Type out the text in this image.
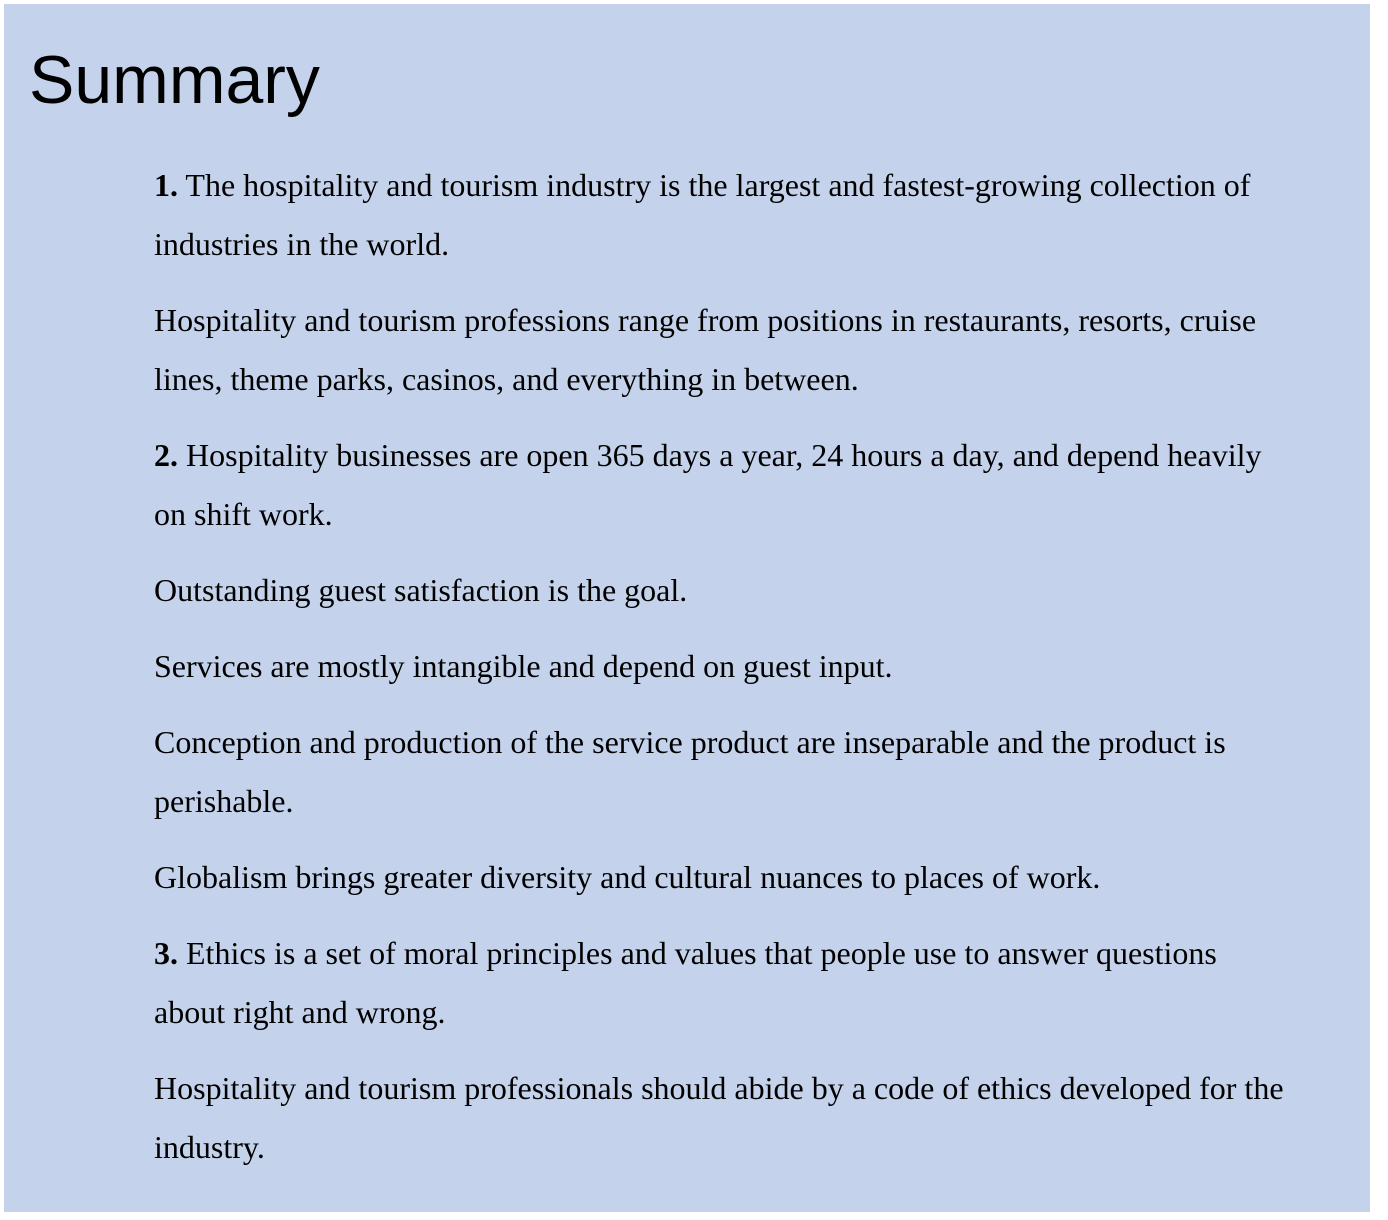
Summary

1. The hospitality and tourism industry is the largest and fastest-growing collection of industries in the world.

Hospitality and tourism professions range from positions in restaurants, resorts, cruise lines, theme parks, casinos, and everything in between.

2. Hospitality businesses are open 365 days a year, 24 hours a day, and depend heavily on shift work.

Outstanding guest satisfaction is the goal.

Services are mostly intangible and depend on guest input.

Conception and production of the service product are inseparable and the product is perishable.

Globalism brings greater diversity and cultural nuances to places of work.

3. Ethics is a set of moral principles and values that people use to answer questions about right and wrong.

Hospitality and tourism professionals should abide by a code of ethics developed for the industry.
